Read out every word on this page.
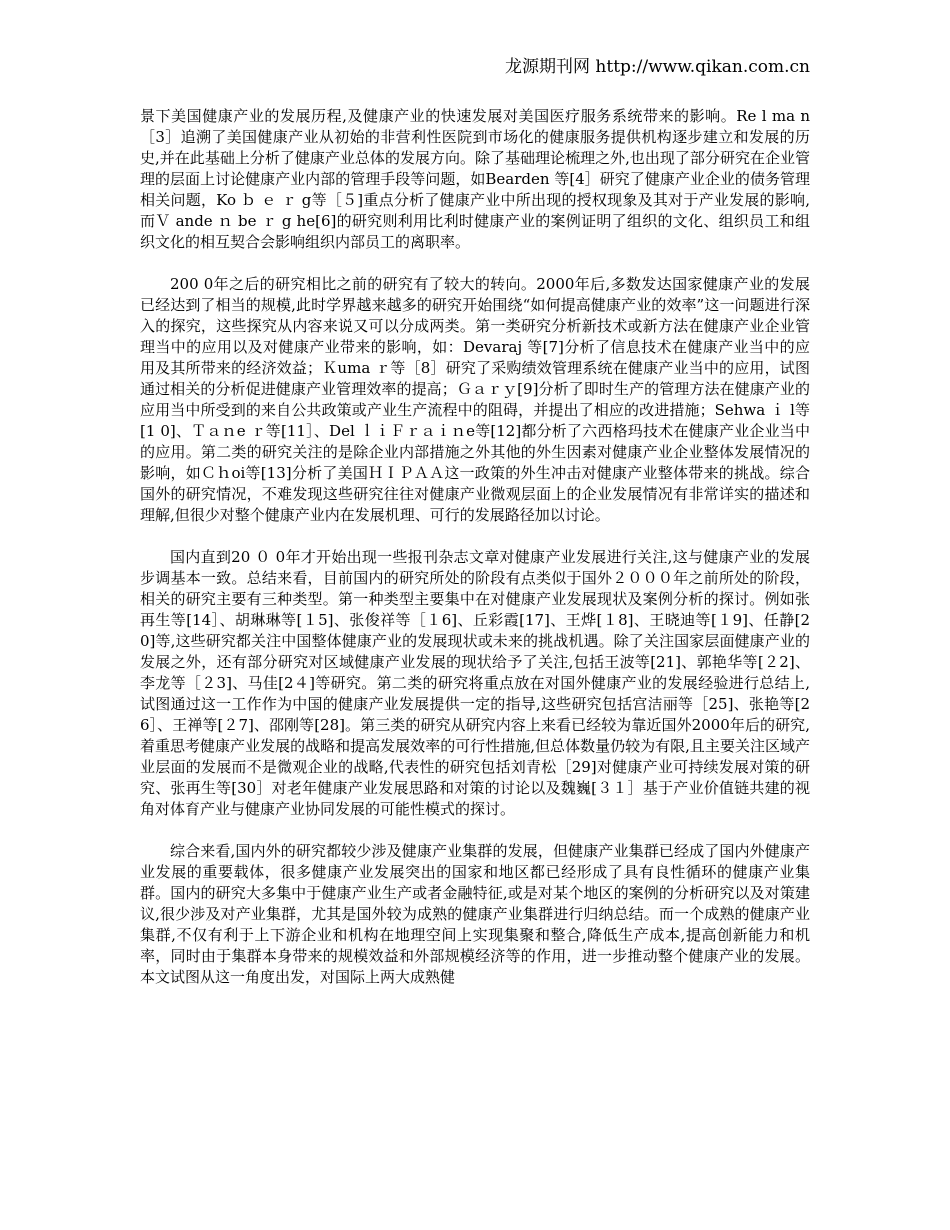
龙源期刊网 http://www.qikan.com.cn

景下美国健康产业的发展历程,及健康产业的快速发展对美国医疗服务系统带来的影响。Re l ma n［3］追溯了美国健康产业从初始的非营利性医院到市场化的健康服务提供机构逐步建立和发展的历史,并在此基础上分析了健康产业总体的发展方向。除了基础理论梳理之外,也出现了部分研究在企业管理的层面上讨论健康产业内部的管理手段等问题，如Bearden 等[4］研究了健康产业企业的债务管理相关问题，Ko ｂ ｅ ｒ g等［５]重点分析了健康产业中所出现的授权现象及其对于产业发展的影响,而Ｖ ande ｎ be ｒ g he[6]的研究则利用比利时健康产业的案例证明了组织的文化、组织员工和组织文化的相互契合会影响组织内部员工的离职率。

200 0年之后的研究相比之前的研究有了较大的转向。2000年后,多数发达国家健康产业的发展已经达到了相当的规模,此时学界越来越多的研究开始围绕“如何提高健康产业的效率”这一问题进行深入的探究，这些探究从内容来说又可以分成两类。第一类研究分析新技术或新方法在健康产业企业管理当中的应用以及对健康产业带来的影响，如：Devaraj 等[7]分析了信息技术在健康产业当中的应用及其所带来的经济效益；Ｋuma ｒ等［8］研究了采购绩效管理系统在健康产业当中的应用，试图通过相关的分析促进健康产业管理效率的提高；Ｇａｒｙ[9]分析了即时生产的管理方法在健康产业的应用当中所受到的来自公共政策或产业生产流程中的阻碍，并提出了相应的改进措施；Sehwa ｉ l等[1 0]、Ｔａｎe ｒ等[11］、Del ｌｉＦｒａｉｎe等[12]都分析了六西格玛技术在健康产业企业当中的应用。第二类的研究关注的是除企业内部措施之外其他的外生因素对健康产业企业整体发展情况的影响，如Ｃｈoi等[13]分析了美国ＨＩＰＡＡ这一政策的外生冲击对健康产业整体带来的挑战。综合国外的研究情况，不难发现这些研究往往对健康产业微观层面上的企业发展情况有非常详实的描述和理解,但很少对整个健康产业内在发展机理、可行的发展路径加以讨论。

国内直到20 ０ 0年才开始出现一些报刊杂志文章对健康产业发展进行关注,这与健康产业的发展步调基本一致。总结来看，目前国内的研究所处的阶段有点类似于国外２０００年之前所处的阶段，相关的研究主要有三种类型。第一种类型主要集中在对健康产业发展现状及案例分析的探讨。例如张再生等[14］、胡琳琳等[１5]、张俊祥等［１6]、丘彩霞[17]、王烨[１8]、王晓迪等[１9]、任静[2 0]等,这些研究都关注中国整体健康产业的发展现状或未来的挑战机遇。除了关注国家层面健康产业的发展之外，还有部分研究对区域健康产业发展的现状给予了关注,包括王波等[21]、郭艳华等[２2]、李龙等［２3]、马佳[2４]等研究。第二类的研究将重点放在对国外健康产业的发展经验进行总结上,试图通过这一工作作为中国的健康产业发展提供一定的指导,这些研究包括宫洁丽等［25]、张艳等[26］、王禅等[２7]、邵刚等[28]。第三类的研究从研究内容上来看已经较为靠近国外2000年后的研究,着重思考健康产业发展的战略和提高发展效率的可行性措施,但总体数量仍较为有限,且主要关注区域产业层面的发展而不是微观企业的战略,代表性的研究包括刘青松［29]对健康产业可持续发展对策的研究、张再生等[30］对老年健康产业发展思路和对策的讨论以及魏巍[３１］基于产业价值链共建的视角对体育产业与健康产业协同发展的可能性模式的探讨。

综合来看,国内外的研究都较少涉及健康产业集群的发展，但健康产业集群已经成了国内外健康产业发展的重要载体，很多健康产业发展突出的国家和地区都已经形成了具有良性循环的健康产业集群。国内的研究大多集中于健康产业生产或者金融特征,或是对某个地区的案例的分析研究以及对策建议,很少涉及对产业集群，尤其是国外较为成熟的健康产业集群进行归纳总结。而一个成熟的健康产业集群,不仅有利于上下游企业和机构在地理空间上实现集聚和整合,降低生产成本,提高创新能力和机率，同时由于集群本身带来的规模效益和外部规模经济等的作用，进一步推动整个健康产业的发展。本文试图从这一角度出发，对国际上两大成熟健
